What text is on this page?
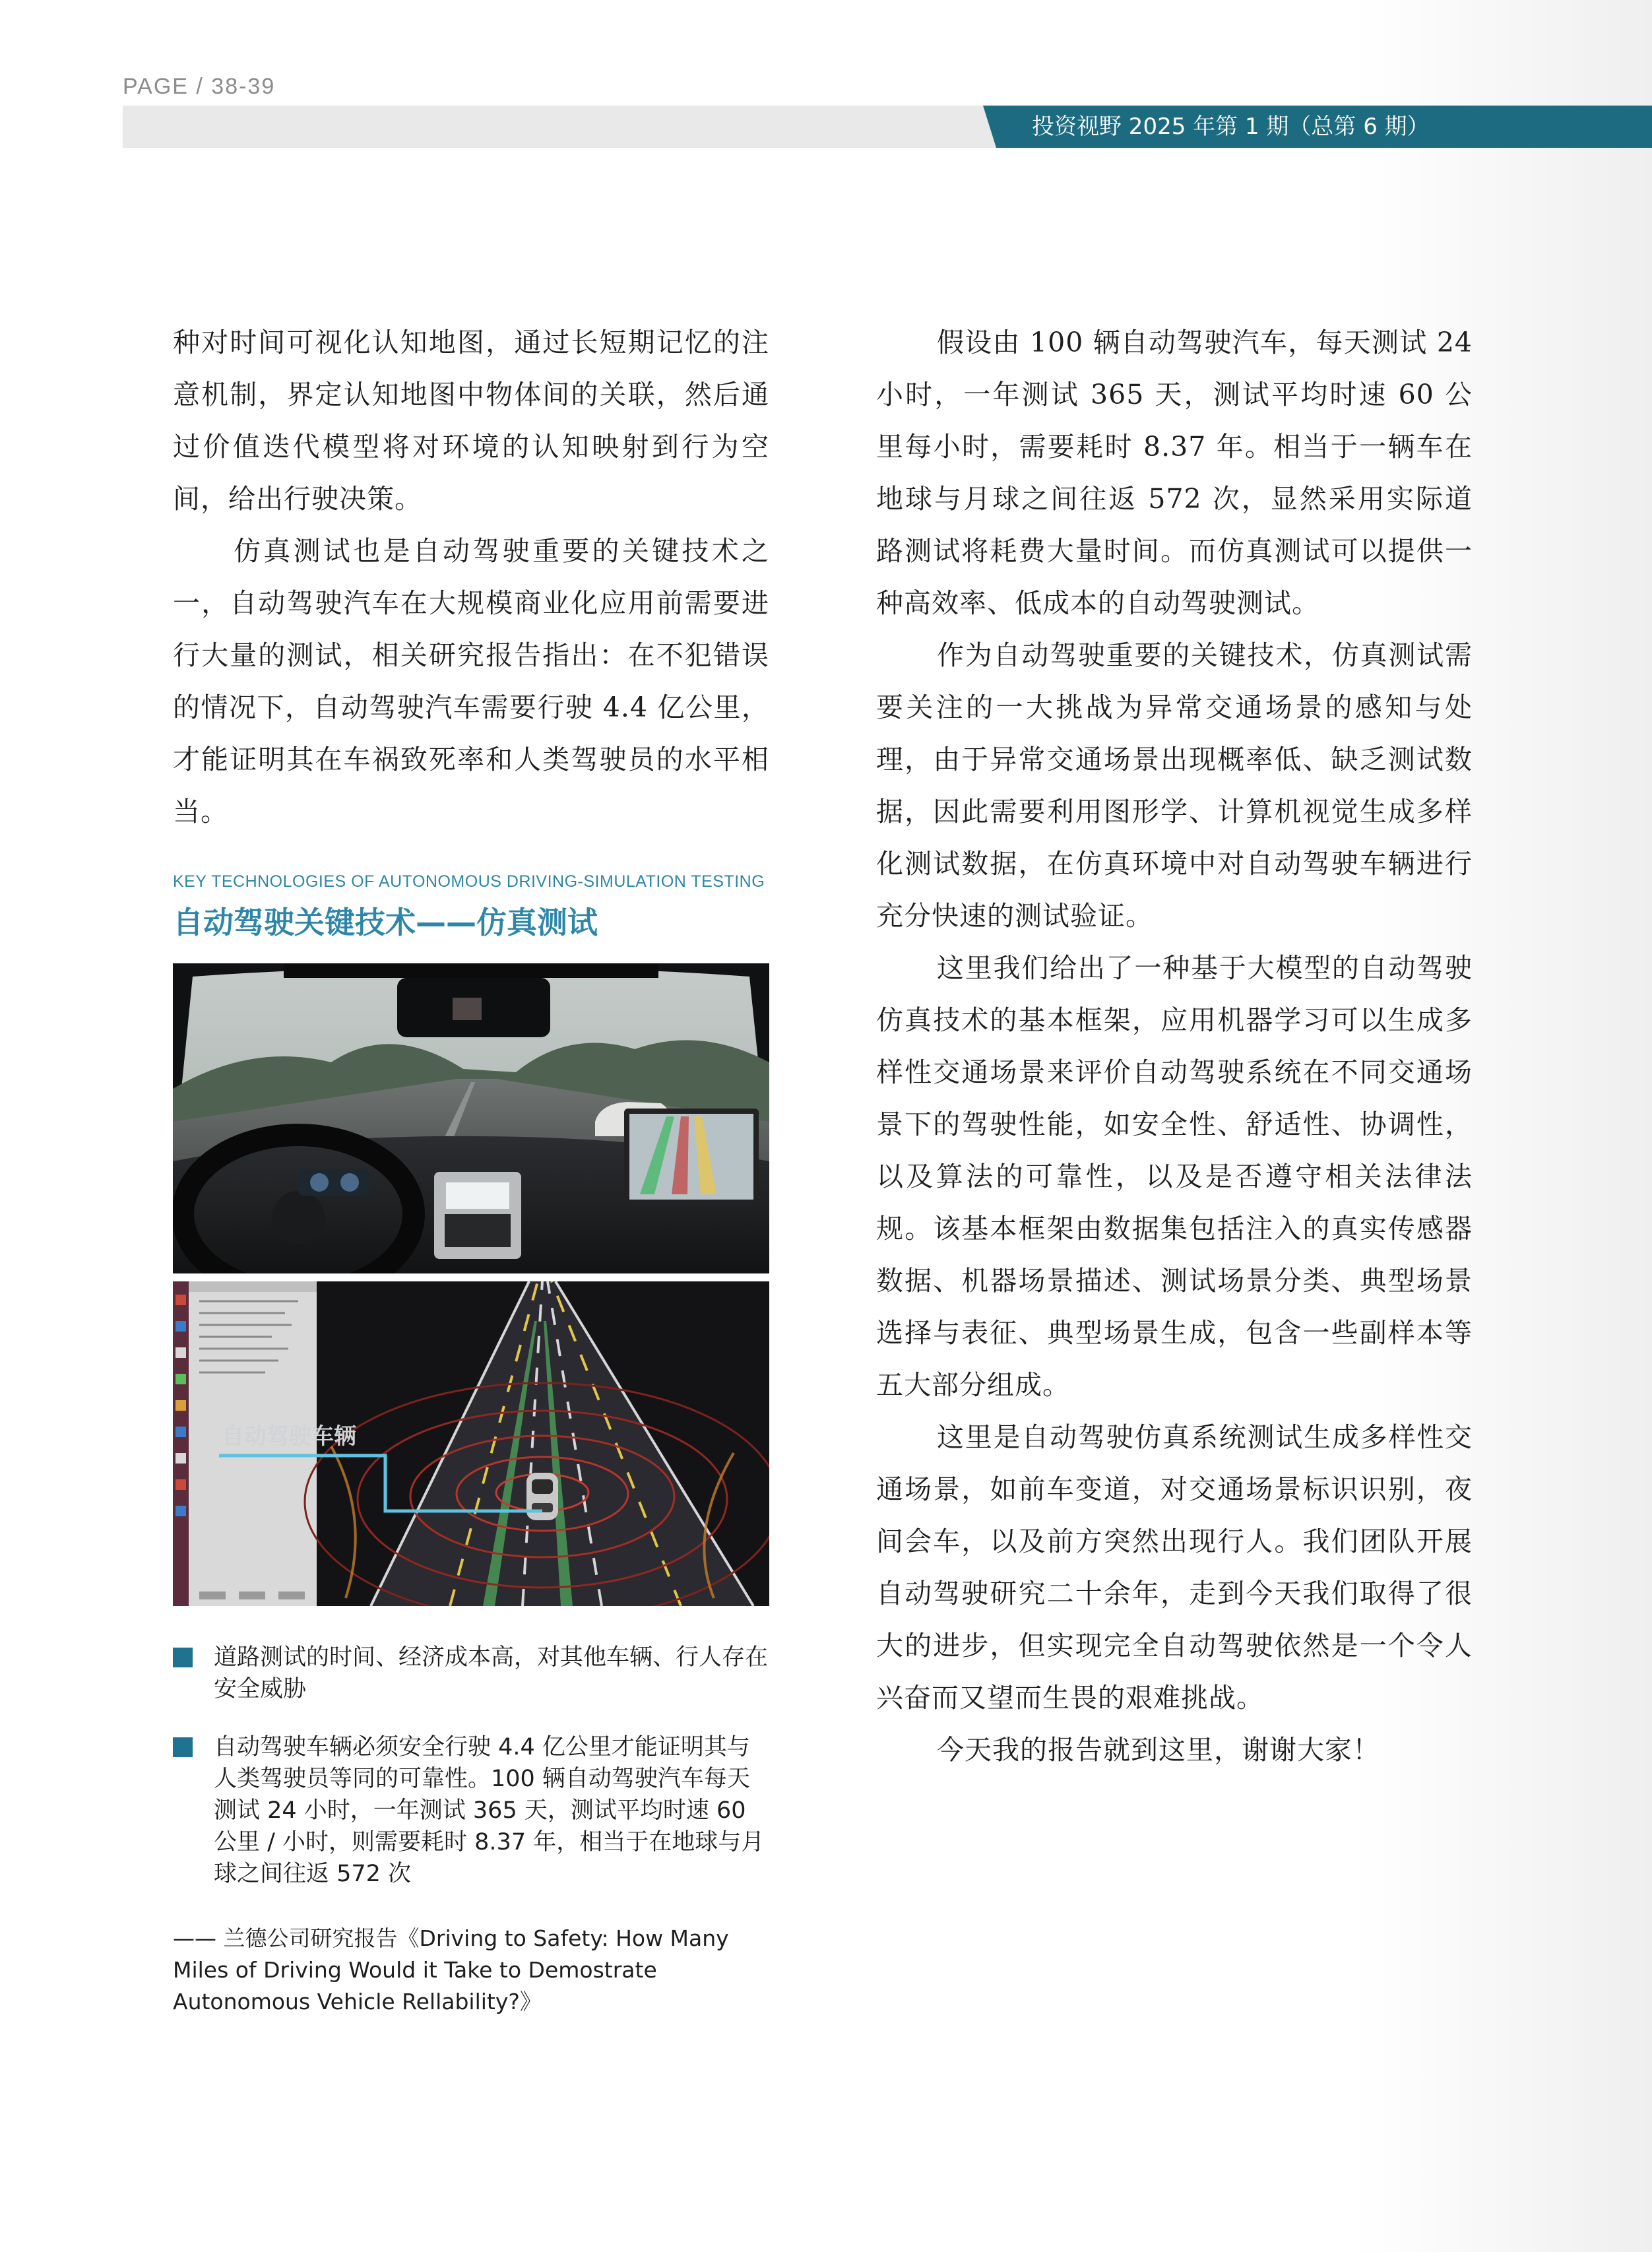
PAGE / 38-39
投资视野 2025 年第 1 期（总第 6 期）

种对时间可视化认知地图，通过长短期记忆的注意机制，界定认知地图中物体间的关联，然后通过价值迭代模型将对环境的认知映射到行为空间，给出行驶决策。

仿真测试也是自动驾驶重要的关键技术之一，自动驾驶汽车在大规模商业化应用前需要进行大量的测试，相关研究报告指出：在不犯错误的情况下，自动驾驶汽车需要行驶 4.4 亿公里，才能证明其在车祸致死率和人类驾驶员的水平相当。

KEY TECHNOLOGIES OF AUTONOMOUS DRIVING-SIMULATION TESTING
自动驾驶关键技术——仿真测试
自动驾驶车辆
道路测试的时间、经济成本高，对其他车辆、行人存在安全威胁
自动驾驶车辆必须安全行驶 4.4 亿公里才能证明其与人类驾驶员等同的可靠性。100 辆自动驾驶汽车每天测试 24 小时，一年测试 365 天，测试平均时速 60 公里 / 小时，则需要耗时 8.37 年，相当于在地球与月球之间往返 572 次
—— 兰德公司研究报告《Driving to Safety: How Many Miles of Driving Would it Take to Demostrate Autonomous Vehicle Rellability?》

假设由 100 辆自动驾驶汽车，每天测试 24 小时，一年测试 365 天，测试平均时速 60 公里每小时，需要耗时 8.37 年。相当于一辆车在地球与月球之间往返 572 次，显然采用实际道路测试将耗费大量时间。而仿真测试可以提供一种高效率、低成本的自动驾驶测试。

作为自动驾驶重要的关键技术，仿真测试需要关注的一大挑战为异常交通场景的感知与处理，由于异常交通场景出现概率低、缺乏测试数据，因此需要利用图形学、计算机视觉生成多样化测试数据，在仿真环境中对自动驾驶车辆进行充分快速的测试验证。

这里我们给出了一种基于大模型的自动驾驶仿真技术的基本框架，应用机器学习可以生成多样性交通场景来评价自动驾驶系统在不同交通场景下的驾驶性能，如安全性、舒适性、协调性，以及算法的可靠性，以及是否遵守相关法律法规。该基本框架由数据集包括注入的真实传感器数据、机器场景描述、测试场景分类、典型场景选择与表征、典型场景生成，包含一些副样本等五大部分组成。

这里是自动驾驶仿真系统测试生成多样性交通场景，如前车变道，对交通场景标识识别，夜间会车，以及前方突然出现行人。我们团队开展自动驾驶研究二十余年，走到今天我们取得了很大的进步，但实现完全自动驾驶依然是一个令人兴奋而又望而生畏的艰难挑战。

今天我的报告就到这里，谢谢大家！
